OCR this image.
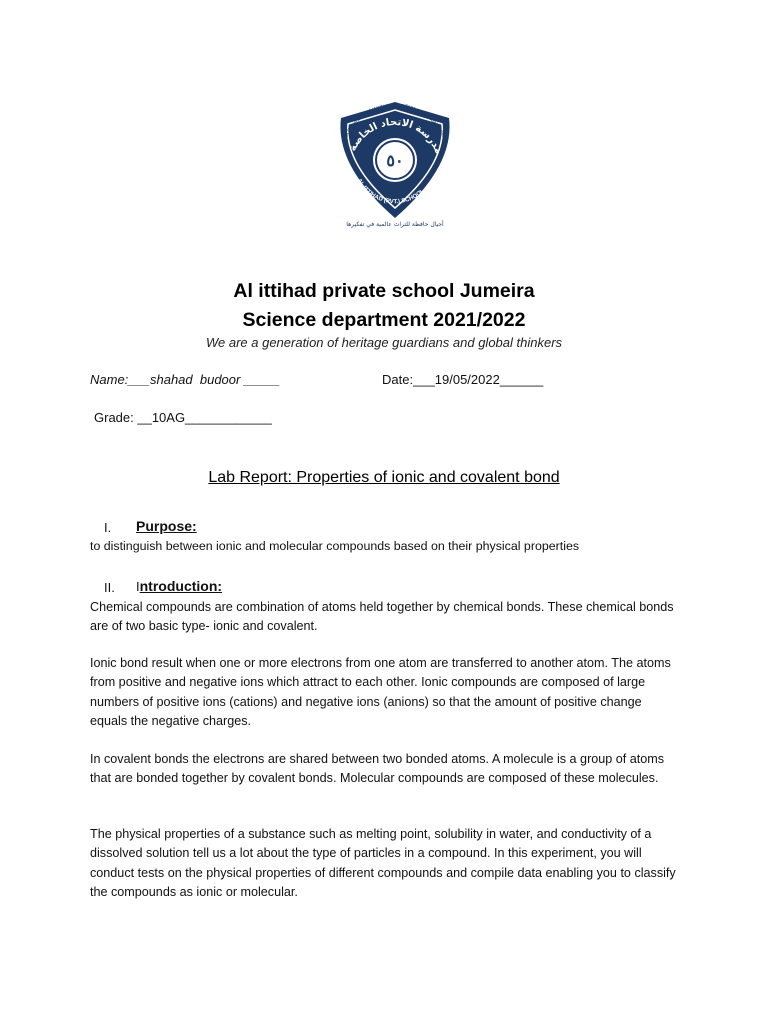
A Generation of Heritage Guardians and Global Thinkers
مدرسة الاتحاد الخاصة
٥٠
AL ITTIHAD (PVT.) SCHOOL
أجيال حافظة للتراث عالمية في تفكيرها
Al ittihad private school Jumeira
Science department 2021/2022
We are a generation of heritage guardians and global thinkers
Name:___shahad  budoor _____	Date:___19/05/2022______
Grade: __10AG____________
Lab Report: Properties of ionic and covalent bond
I. Purpose:
to distinguish between ionic and molecular compounds based on their physical properties
II. Introduction:

Chemical compounds are combination of atoms held together by chemical bonds. These chemical bonds are of two basic type- ionic and covalent.

Ionic bond result when one or more electrons from one atom are transferred to another atom. The atoms from positive and negative ions which attract to each other. Ionic compounds are composed of large numbers of positive ions (cations) and negative ions (anions) so that the amount of positive change equals the negative charges.

In covalent bonds the electrons are shared between two bonded atoms. A molecule is a group of atoms that are bonded together by covalent bonds. Molecular compounds are composed of these molecules.

The physical properties of a substance such as melting point, solubility in water, and conductivity of a dissolved solution tell us a lot about the type of particles in a compound. In this experiment, you will conduct tests on the physical properties of different compounds and compile data enabling you to classify the compounds as ionic or molecular.
